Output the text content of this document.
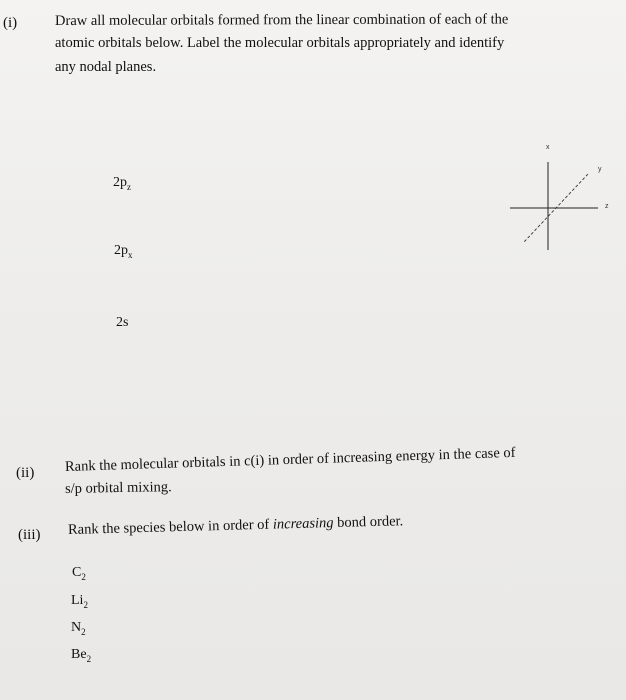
(i)	Draw all molecular orbitals formed from the linear combination of each of the
atomic orbitals below. Label the molecular orbitals appropriately and identify
any nodal planes.
$2p_z$
$2p_x$
2s
x
y
z
(ii) Rank the molecular orbitals in c(i) in order of increasing energy in the case of
s/p orbital mixing.
(iii) Rank the species below in order of increasing bond order.
$C_2$
$Li_2$
$N_2$
$Be_2$
